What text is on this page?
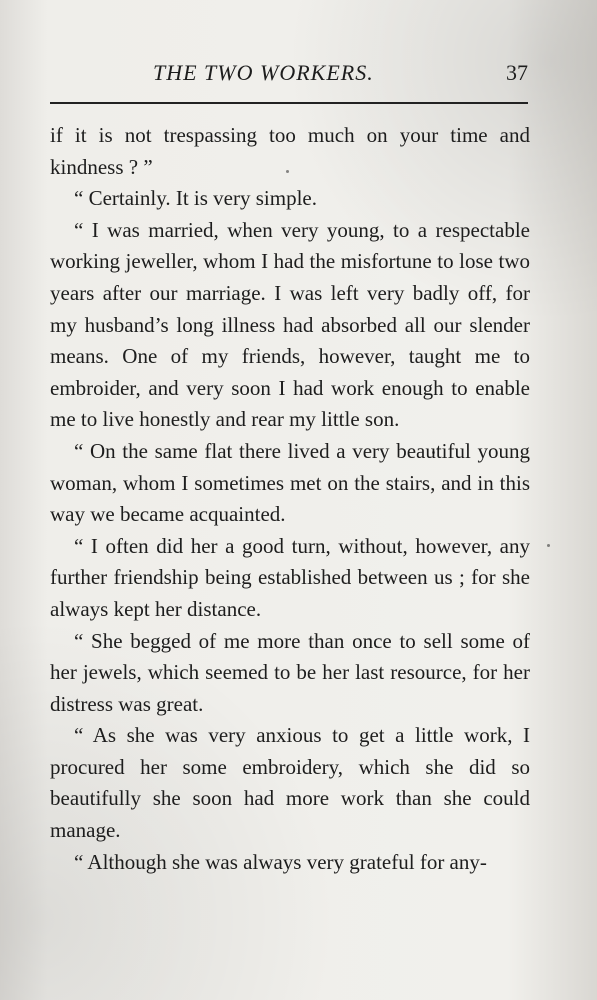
THE TWO WORKERS.	37

if it is not trespassing too much on your time and kindness ? ”

“ Certainly. It is very simple.

“ I was married, when very young, to a respectable working jeweller, whom I had the misfortune to lose two years after our marriage. I was left very badly off, for my husband’s long illness had absorbed all our slender means. One of my friends, however, taught me to embroider, and very soon I had work enough to enable me to live honestly and rear my little son.

“ On the same flat there lived a very beautiful young woman, whom I sometimes met on the stairs, and in this way we became acquainted.

“ I often did her a good turn, without, however, any further friendship being established between us ; for she always kept her distance.

“ She begged of me more than once to sell some of her jewels, which seemed to be her last resource, for her distress was great.

“ As she was very anxious to get a little work, I procured her some embroidery, which she did so beautifully she soon had more work than she could manage.

“ Although she was always very grateful for any-
